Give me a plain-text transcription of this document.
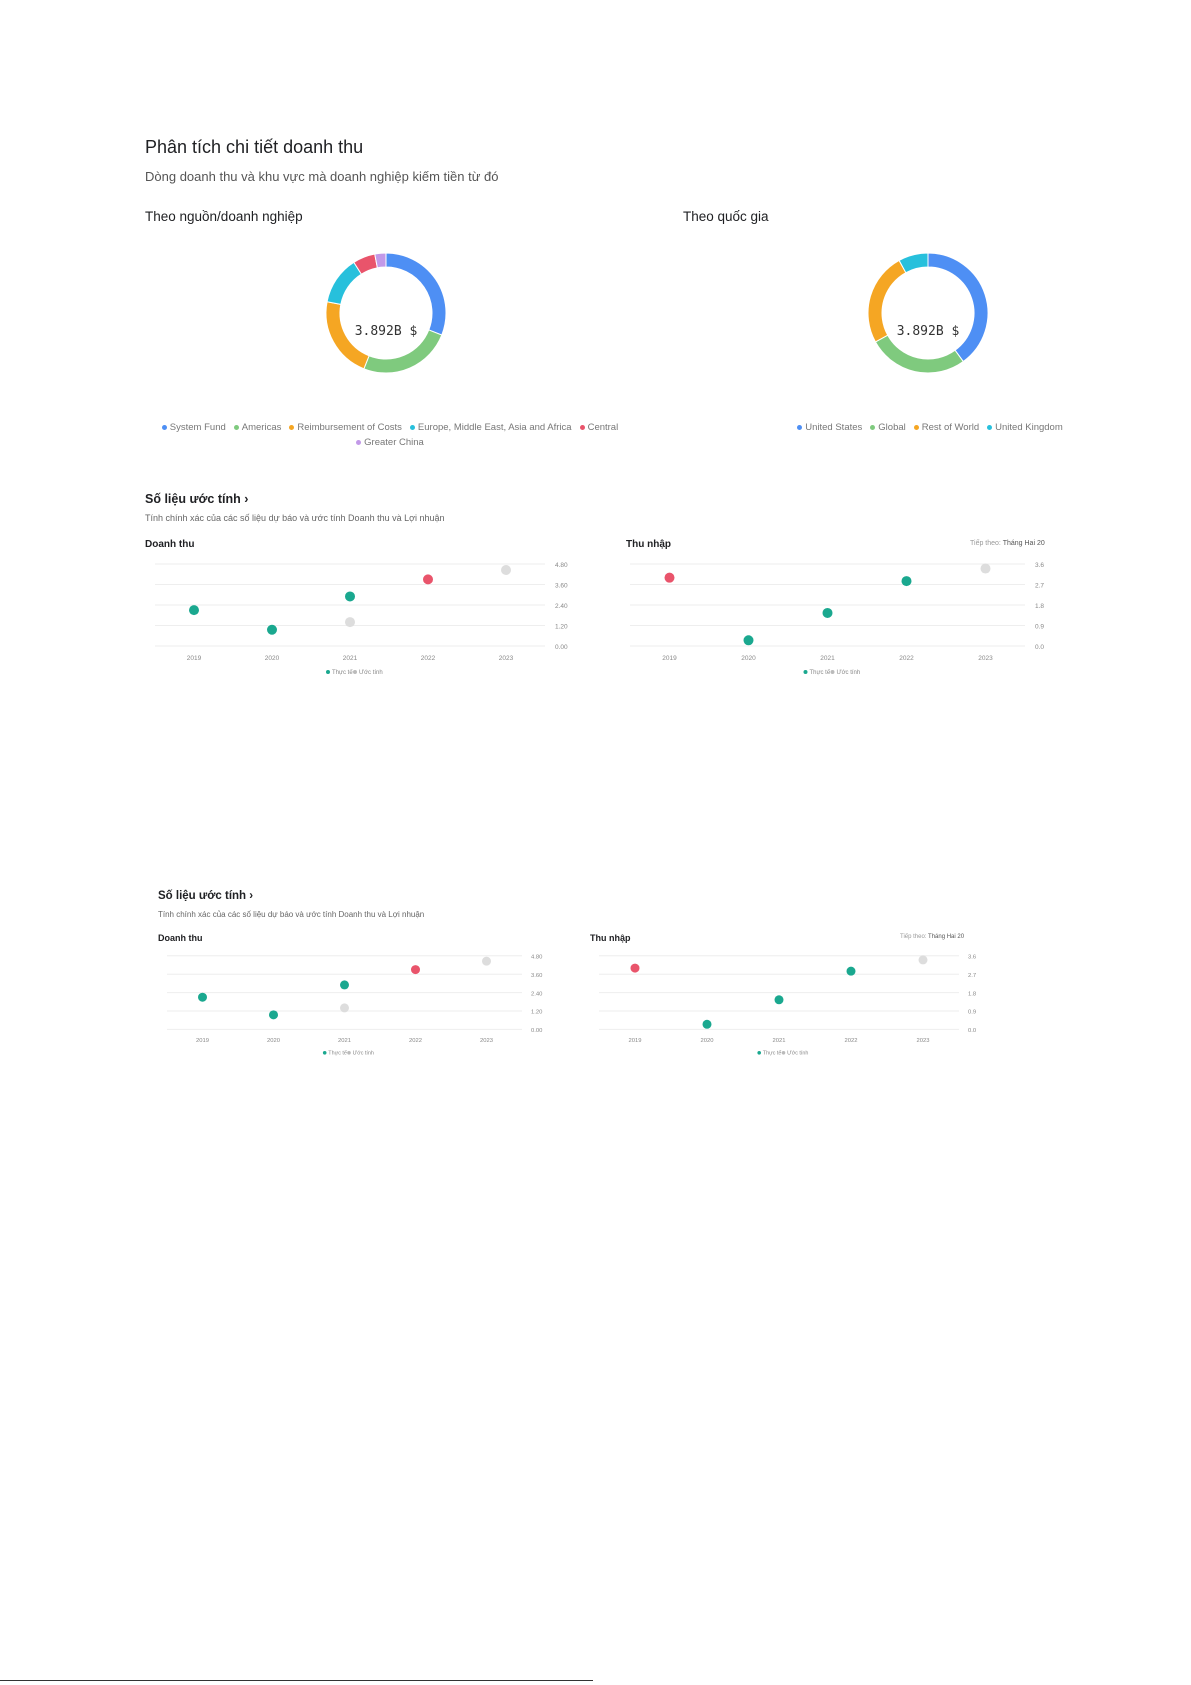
Phân tích chi tiết doanh thu
Dòng doanh thu và khu vực mà doanh nghiệp kiếm tiền từ đó
Theo nguồn/doanh nghiệp
3.892B $
System Fund Americas Reimbursement of Costs Europe, Middle East, Asia and Africa Central
Greater China
Theo quốc gia
3.892B $
United States Global Rest of World United Kingdom
Số liệu ước tính ›
Tính chính xác của các số liệu dự báo và ước tính Doanh thu và Lợi nhuận
Doanh thu
0.00
1.20
2.40
3.60
4.80
2019	2020	2021	2022	2023
Thực tế Ước tính
Thu nhập	Tiếp theo: Tháng Hai 20
0.0
0.9
1.8
2.7
3.6
2019	2020	2021	2022	2023
Thực tế Ước tính
Số liệu ước tính ›
Tính chính xác của các số liệu dự báo và ước tính Doanh thu và Lợi nhuận
Doanh thu
0.00
1.20
2.40
3.60
4.80
2019	2020	2021	2022	2023
Thực tế Ước tính
Thu nhập	Tiếp theo: Tháng Hai 20
0.0
0.9
1.8
2.7
3.6
2019	2020	2021	2022	2023
Thực tế Ước tính
